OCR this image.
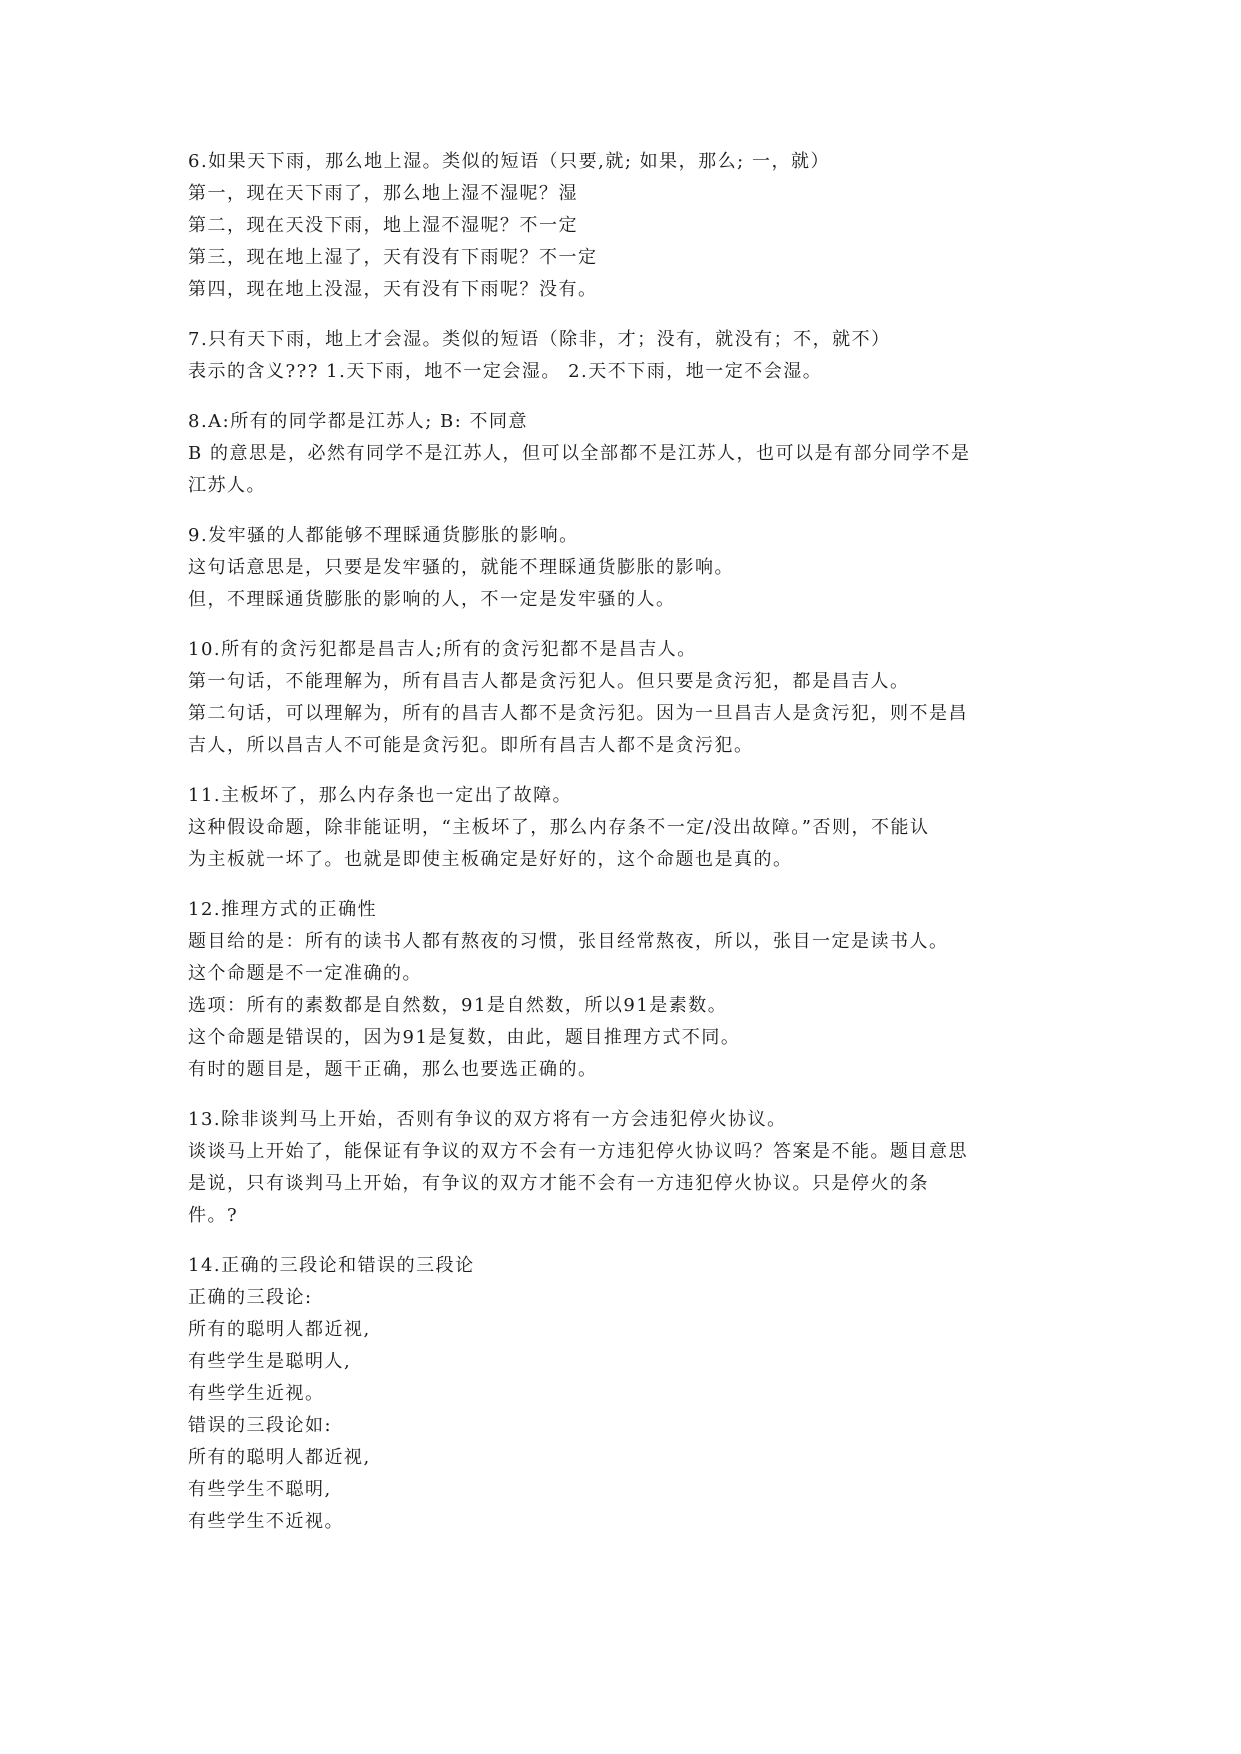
6.如果天下雨，那么地上湿。类似的短语（只要,就; 如果，那么; 一，就）
第一，现在天下雨了，那么地上湿不湿呢？湿
第二，现在天没下雨，地上湿不湿呢？不一定
第三，现在地上湿了，天有没有下雨呢？不一定
第四，现在地上没湿，天有没有下雨呢？没有。
7.只有天下雨，地上才会湿。类似的短语（除非，才；没有，就没有；不，就不）
表示的含义??? 1.天下雨，地不一定会湿。 2.天不下雨，地一定不会湿。
8.A:所有的同学都是江苏人; B: 不同意
B 的意思是，必然有同学不是江苏人，但可以全部都不是江苏人，也可以是有部分同学不是
江苏人。
9.发牢骚的人都能够不理睬通货膨胀的影响。
这句话意思是，只要是发牢骚的，就能不理睬通货膨胀的影响。
但，不理睬通货膨胀的影响的人，不一定是发牢骚的人。
10.所有的贪污犯都是昌吉人;所有的贪污犯都不是昌吉人。
第一句话，不能理解为，所有昌吉人都是贪污犯人。但只要是贪污犯，都是昌吉人。
第二句话，可以理解为，所有的昌吉人都不是贪污犯。因为一旦昌吉人是贪污犯，则不是昌
吉人，所以昌吉人不可能是贪污犯。即所有昌吉人都不是贪污犯。
11.主板坏了，那么内存条也一定出了故障。
这种假设命题，除非能证明，“主板坏了，那么内存条不一定/没出故障。”否则，不能认
为主板就一坏了。也就是即使主板确定是好好的，这个命题也是真的。
12.推理方式的正确性
题目给的是：所有的读书人都有熬夜的习惯，张目经常熬夜，所以，张目一定是读书人。
这个命题是不一定准确的。
选项：所有的素数都是自然数，91是自然数，所以91是素数。
这个命题是错误的，因为91是复数，由此，题目推理方式不同。
有时的题目是，题干正确，那么也要选正确的。
13.除非谈判马上开始，否则有争议的双方将有一方会违犯停火协议。
谈谈马上开始了，能保证有争议的双方不会有一方违犯停火协议吗？答案是不能。题目意思
是说，只有谈判马上开始，有争议的双方才能不会有一方违犯停火协议。只是停火的条
件。?
14.正确的三段论和错误的三段论
正确的三段论:
所有的聪明人都近视,
有些学生是聪明人,
有些学生近视。
错误的三段论如:
所有的聪明人都近视,
有些学生不聪明,
有些学生不近视。
